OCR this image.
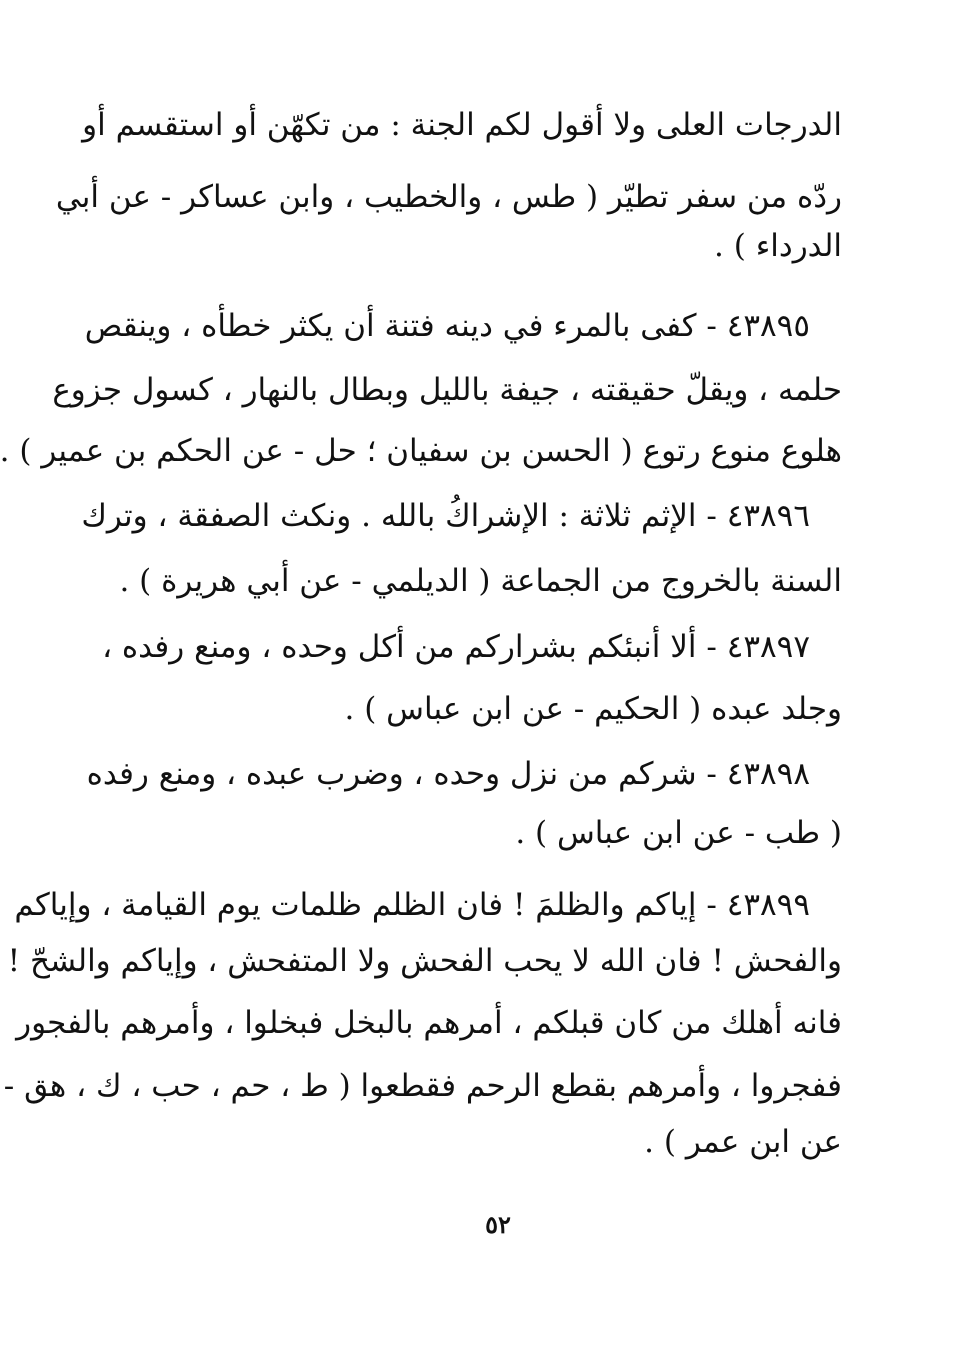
الدرجات العلى ولا أقول لكم الجنة : من تكهّن أو استقسم أو
ردّه من سفر تطيّر ( طس ، والخطيب ، وابن عساكر - عن أبي
الدرداء ) .
٤٣٨٩٥ - كفى بالمرء في دينه فتنة أن يكثر خطأه ، وينقص
حلمه ، ويقلّ حقيقته ، جيفة بالليل وبطال بالنهار ، كسول جزوع
هلوع منوع رتوع ( الحسن بن سفيان ؛ حل - عن الحكم بن عمير ) .
٤٣٨٩٦ - الإثم ثلاثة : الإشراكُ بالله . ونكث الصفقة ، وترك
السنة بالخروج من الجماعة ( الديلمي - عن أبي هريرة ) .
٤٣٨٩٧ - ألا أنبئكم بشراركم من أكل وحده ، ومنع رفده ،
وجلد عبده ( الحكيم - عن ابن عباس ) .
٤٣٨٩٨ - شركم من نزل وحده ، وضرب عبده ، ومنع رفده
( طب - عن ابن عباس ) .
٤٣٨٩٩ - إياكم والظلمَ ! فان الظلم ظلمات يوم القيامة ، وإياكم
والفحش ! فان الله لا يحب الفحش ولا المتفحش ، وإياكم والشحّ !
فانه أهلك من كان قبلكم ، أمرهم بالبخل فبخلوا ، وأمرهم بالفجور
ففجروا ، وأمرهم بقطع الرحم فقطعوا ( ط ، حم ، حب ، ك ، هق -
عن ابن عمر ) .
٥٢
